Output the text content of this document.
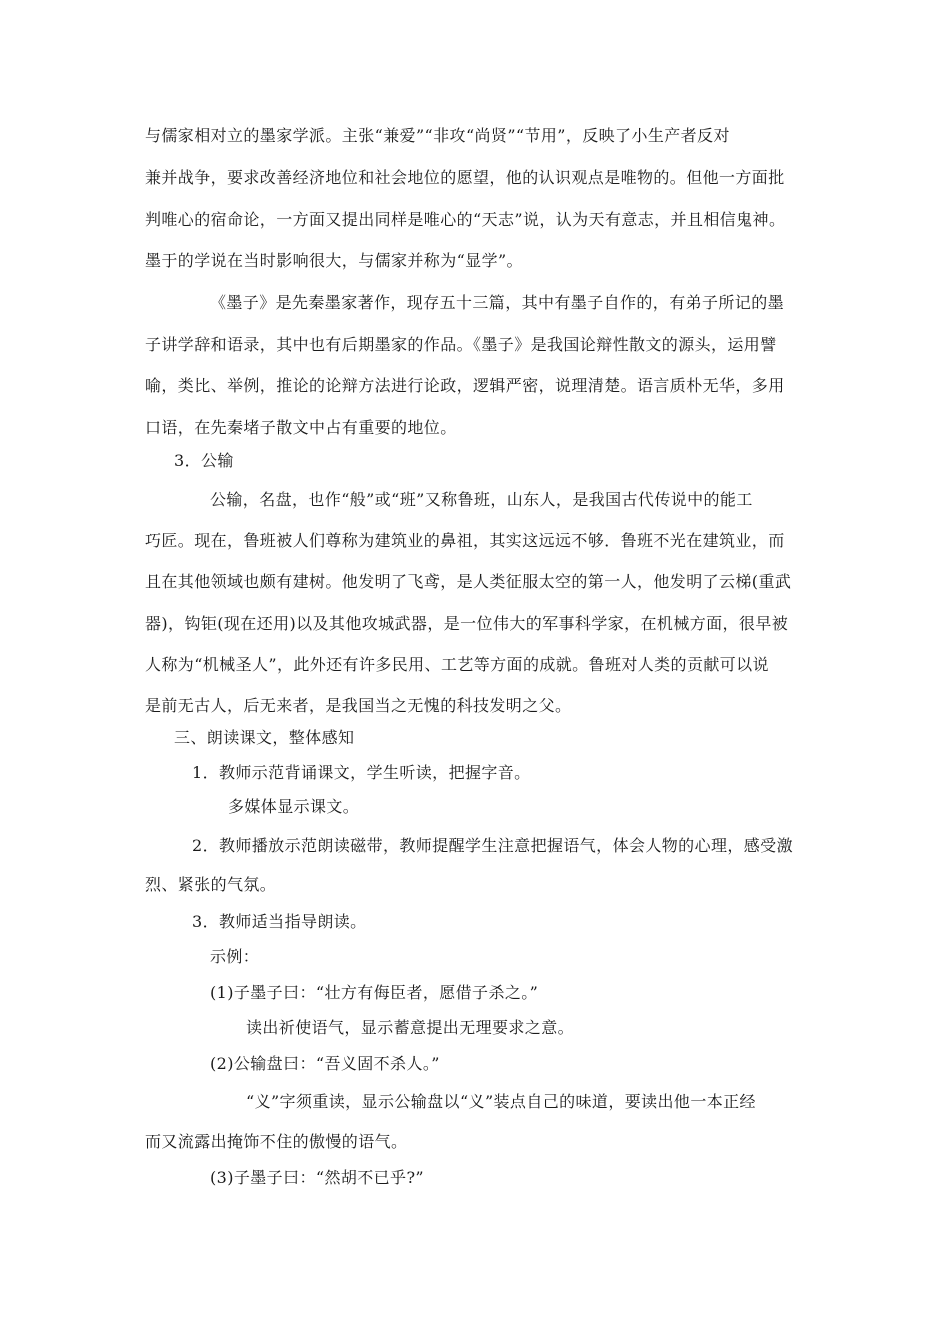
与儒家相对立的墨家学派。主张“兼爱”“非攻“尚贤”“节用”，反映了小生产者反对
兼并战争，要求改善经济地位和社会地位的愿望，他的认识观点是唯物的。但他一方面批
判唯心的宿命论，一方面又提出同样是唯心的“天志”说，认为天有意志，并且相信鬼神。
墨于的学说在当时影响很大，与儒家并称为“显学”。
《墨子》是先秦墨家著作，现存五十三篇，其中有墨子自作的，有弟子所记的墨
子讲学辞和语录，其中也有后期墨家的作品。《墨子》是我国论辩性散文的源头，运用譬
喻，类比、举例，推论的论辩方法进行论政，逻辑严密，说理清楚。语言质朴无华，多用
口语，在先秦堵子散文中占有重要的地位。
3．公输
公输，名盘，也作“般”或“班”又称鲁班，山东人，是我国古代传说中的能工
巧匠。现在，鲁班被人们尊称为建筑业的鼻祖，其实这远远不够．鲁班不光在建筑业，而
且在其他领域也颇有建树。他发明了飞鸢，是人类征服太空的第一人，他发明了云梯(重武
器)，钩钜(现在还用)以及其他攻城武器，是一位伟大的军事科学家，在机械方面，很早被
人称为“机械圣人”，此外还有许多民用、工艺等方面的成就。鲁班对人类的贡献可以说
是前无古人，后无来者，是我国当之无愧的科技发明之父。
三、朗读课文，整体感知
1．教师示范背诵课文，学生听读，把握字音。
多媒体显示课文。
2．教师播放示范朗读磁带，教师提醒学生注意把握语气，体会人物的心理，感受激
烈、紧张的气氛。
3．教师适当指导朗读。
示例：
(1)子墨子曰：“壮方有侮臣者，愿借子杀之。”
读出祈使语气，显示蓄意提出无理要求之意。
(2)公输盘曰：“吾义固不杀人。”
“义”字须重读，显示公输盘以“义”装点自己的味道，要读出他一本正经
而又流露出掩饰不住的傲慢的语气。
(3)子墨子曰：“然胡不已乎?”
